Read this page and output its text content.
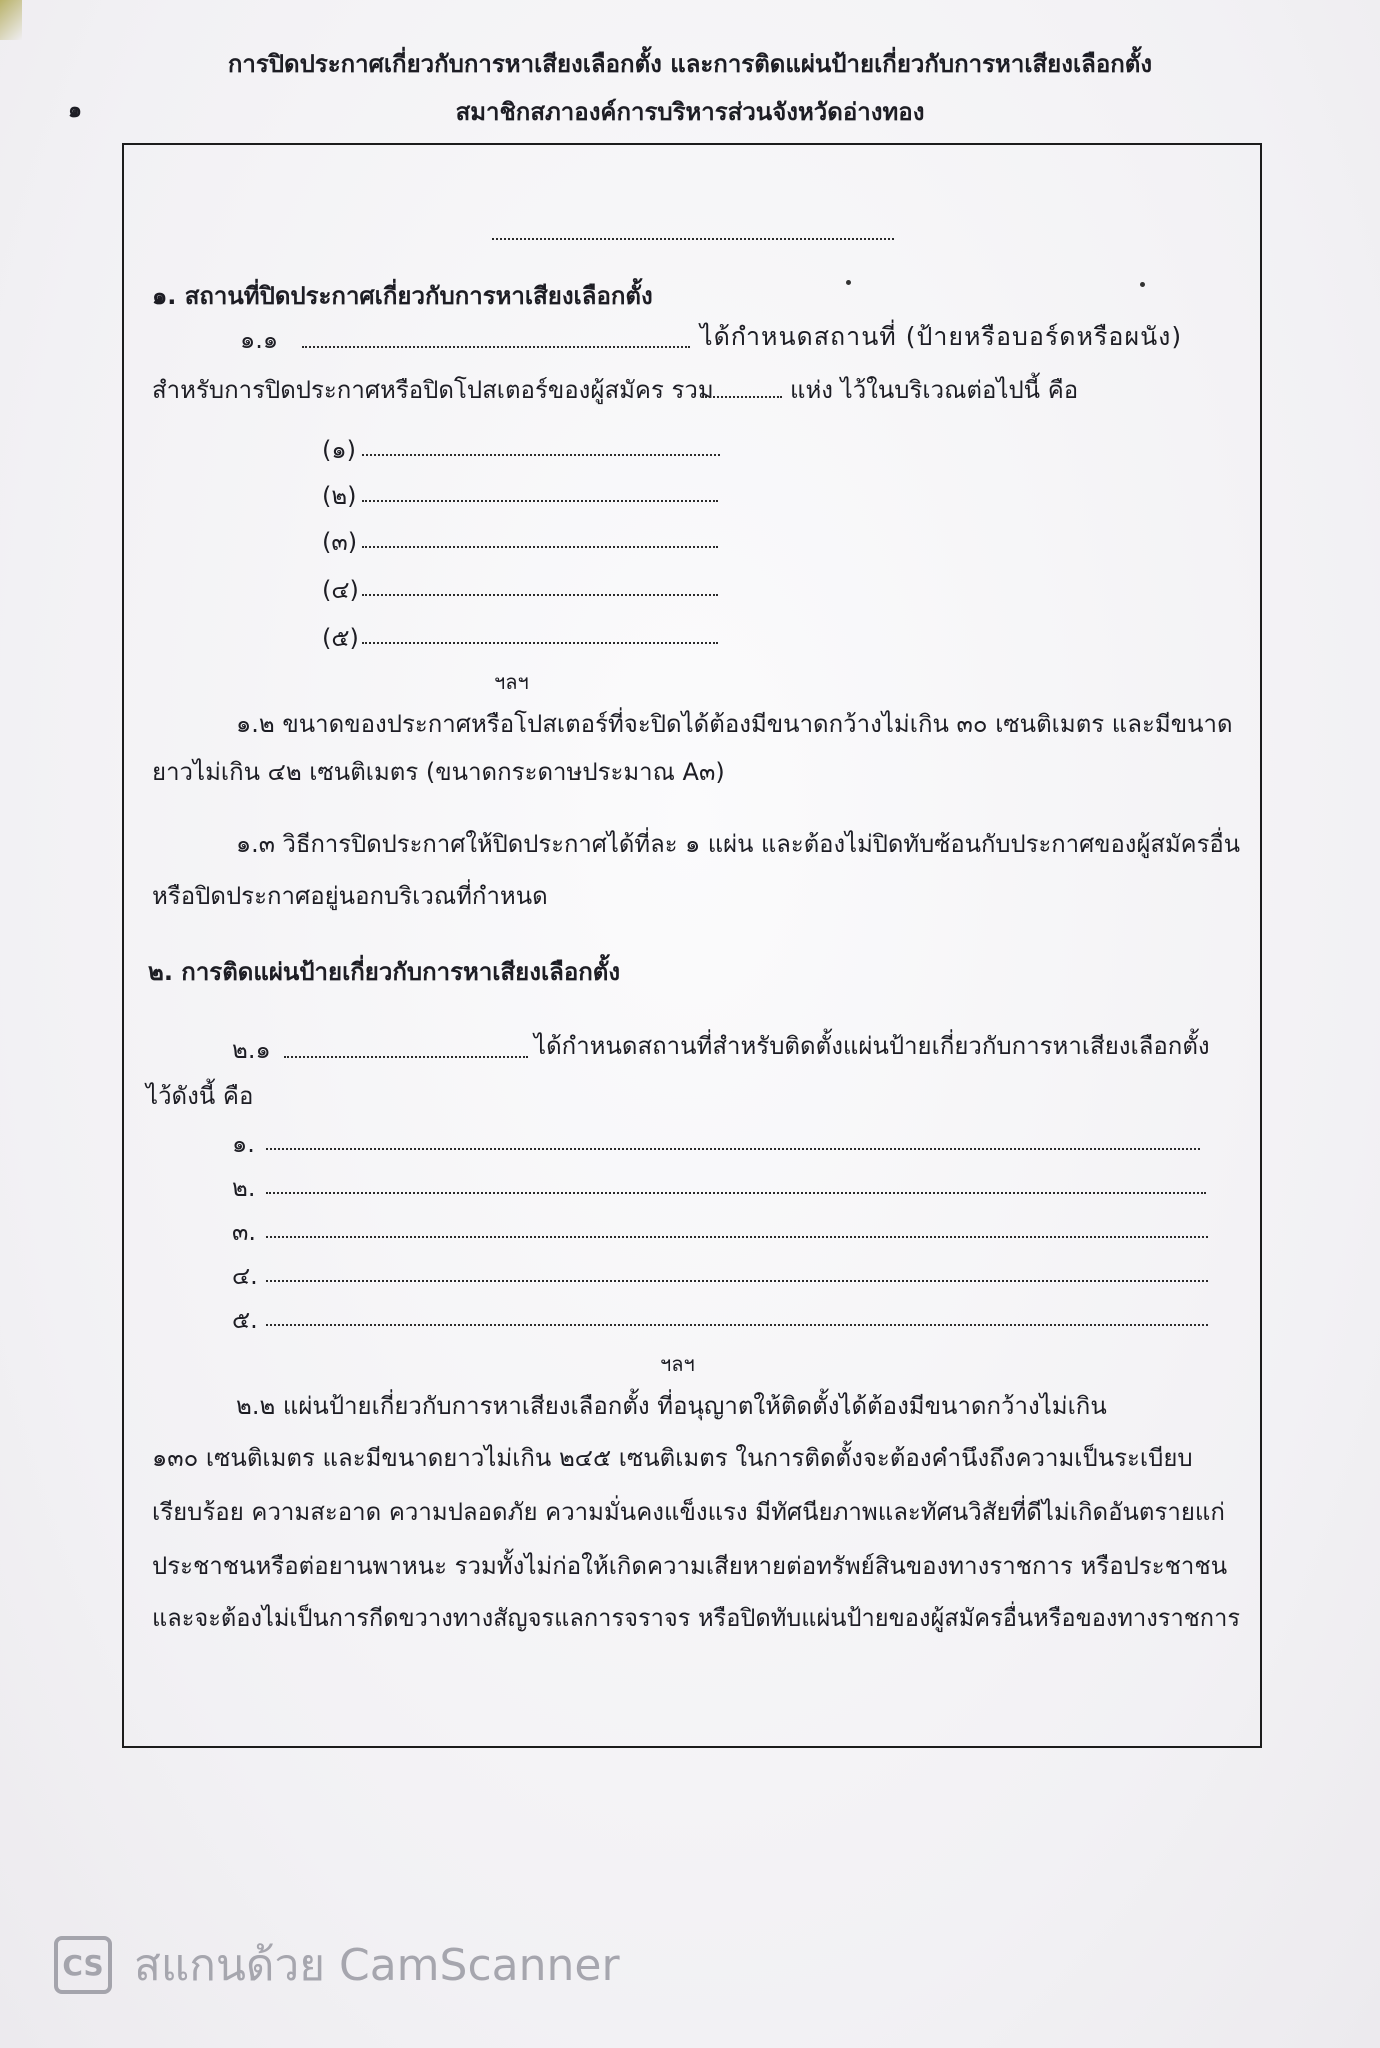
๑
การปิดประกาศเกี่ยวกับการหาเสียงเลือกตั้ง และการติดแผ่นป้ายเกี่ยวกับการหาเสียงเลือกตั้ง
สมาชิกสภาองค์การบริหารส่วนจังหวัดอ่างทอง
๑. สถานที่ปิดประกาศเกี่ยวกับการหาเสียงเลือกตั้ง
๑.๑	ได้กำหนดสถานที่ (ป้ายหรือบอร์ดหรือผนัง)
สำหรับการปิดประกาศหรือปิดโปสเตอร์ของผู้สมัคร รวม	แห่ง ไว้ในบริเวณต่อไปนี้ คือ
(๑)
(๒)
(๓)
(๔)
(๕)
ฯลฯ
๑.๒ ขนาดของประกาศหรือโปสเตอร์ที่จะปิดได้ต้องมีขนาดกว้างไม่เกิน ๓๐ เซนติเมตร และมีขนาด
ยาวไม่เกิน ๔๒ เซนติเมตร (ขนาดกระดาษประมาณ A๓)
๑.๓ วิธีการปิดประกาศให้ปิดประกาศได้ที่ละ ๑ แผ่น และต้องไม่ปิดทับซ้อนกับประกาศของผู้สมัครอื่น
หรือปิดประกาศอยู่นอกบริเวณที่กำหนด
๒. การติดแผ่นป้ายเกี่ยวกับการหาเสียงเลือกตั้ง
๒.๑	ได้กำหนดสถานที่สำหรับติดตั้งแผ่นป้ายเกี่ยวกับการหาเสียงเลือกตั้ง
ไว้ดังนี้ คือ
๑.
๒.
๓.
๔.
๕.
ฯลฯ
๒.๒ แผ่นป้ายเกี่ยวกับการหาเสียงเลือกตั้ง ที่อนุญาตให้ติดตั้งได้ต้องมีขนาดกว้างไม่เกิน
๑๓๐ เซนติเมตร และมีขนาดยาวไม่เกิน ๒๔๕ เซนติเมตร ในการติดตั้งจะต้องคำนึงถึงความเป็นระเบียบ
เรียบร้อย ความสะอาด ความปลอดภัย ความมั่นคงแข็งแรง มีทัศนียภาพและทัศนวิสัยที่ดีไม่เกิดอันตรายแก่
ประชาชนหรือต่อยานพาหนะ รวมทั้งไม่ก่อให้เกิดความเสียหายต่อทรัพย์สินของทางราชการ หรือประชาชน
และจะต้องไม่เป็นการกีดขวางทางสัญจรแลการจราจร หรือปิดทับแผ่นป้ายของผู้สมัครอื่นหรือของทางราชการ
CS สแกนด้วย CamScanner
